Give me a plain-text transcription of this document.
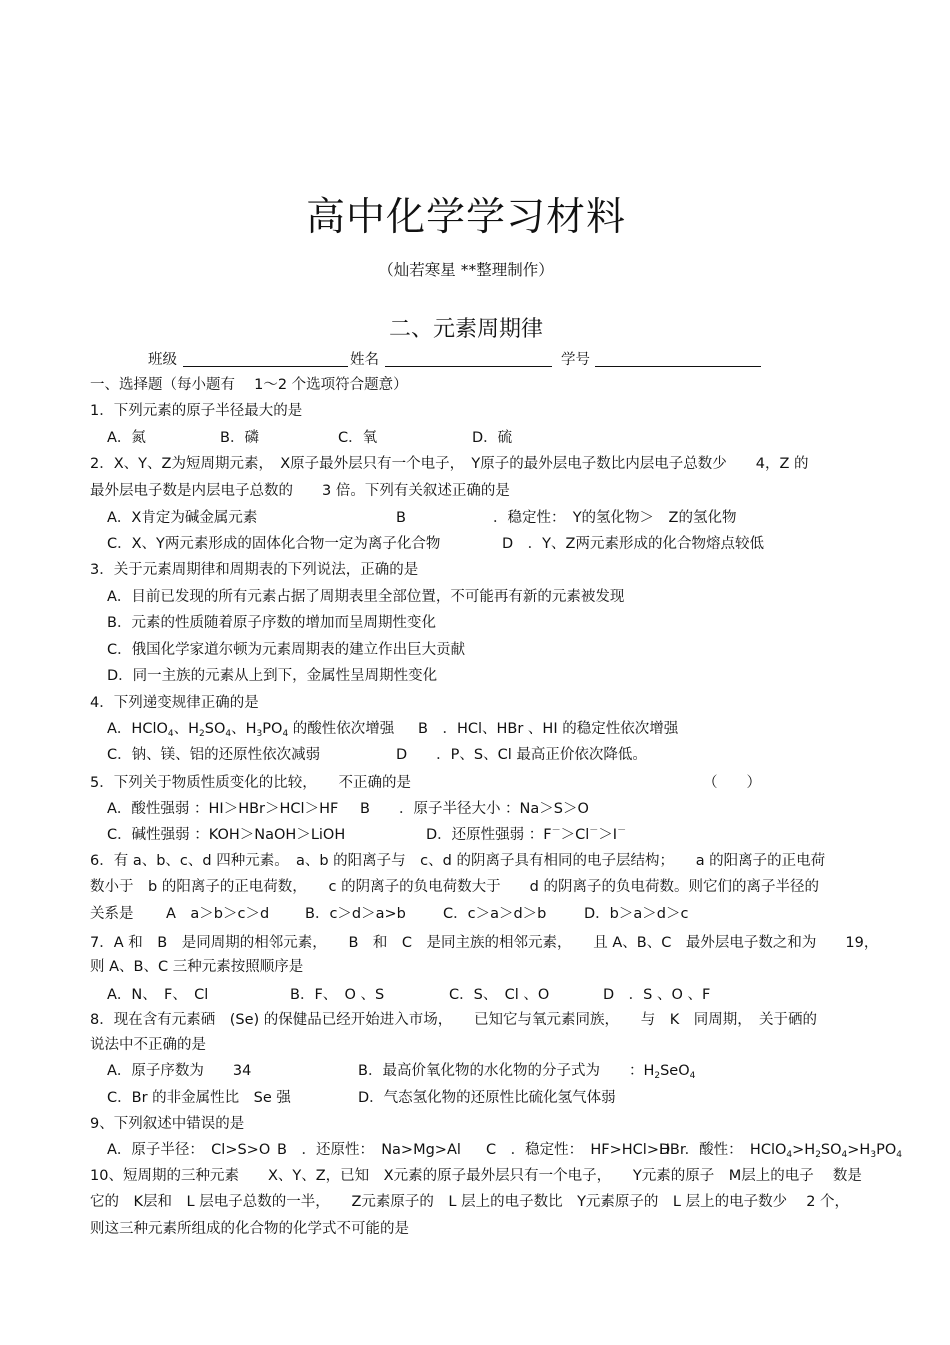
高中化学学习材料
（灿若寒星 **整理制作）
二、元素周期律
班级	姓名	学号
一、选择题（每小题有　 1～2 个选项符合题意）
1．下列元素的原子半径最大的是
A．氮	B．磷	C．氧	D．硫
2．X、Y、Z为短周期元素，　X原子最外层只有一个电子，　Y原子的最外层电子数比内层电子总数少　　4，Z 的
最外层电子数是内层电子总数的　　3 倍。下列有关叙述正确的是
A．X肯定为碱金属元素	B　　　　　　．稳定性：　Y的氢化物＞　Z的氢化物
C．X、Y两元素形成的固体化合物一定为离子化合物	D　．Y、Z两元素形成的化合物熔点较低
3．关于元素周期律和周期表的下列说法，正确的是
A．目前已发现的所有元素占据了周期表里全部位置，不可能再有新的元素被发现
B．元素的性质随着原子序数的增加而呈周期性变化
C．俄国化学家道尔顿为元素周期表的建立作出巨大贡献
D．同一主族的元素从上到下，金属性呈周期性变化
4．下列递变规律正确的是
A．HClO$_4$、$H_2SO_4$、$H_3PO_4$ 的酸性依次增强 B　．HCl、HBr 、HI 的稳定性依次增强
C．钠、镁、铝的还原性依次减弱	D　　．P、S、Cl 最高正价依次降低。
5．下列关于物质性质变化的比较，　　不正确的是	（　　）
A．酸性强弱 ：HI＞HBr＞HCl＞HF B　　．原子半径大小 ：Na＞S＞O
C．碱性强弱 ：KOH＞NaOH＞LiOH	D．还原性强弱 ：F－＞Cl－＞I－
6．有 a、b、c、d 四种元素。　a、b 的阳离子与　c、d 的阴离子具有相同的电子层结构；　　a 的阳离子的正电荷
数小于　b 的阳离子的正电荷数，　　c 的阴离子的负电荷数大于　　d 的阴离子的负电荷数。则它们的离子半径的
关系是 A　a＞b＞c＞d B．c＞d＞a>b	C．c＞a＞d＞b	D．b＞a＞d＞c
7．A 和　B　是同周期的相邻元素，　　B　和　C　是同主族的相邻元素，　　且 A、B、C　最外层电子数之和为　　19，
则 A、B、C 三种元素按照顺序是
A．N、　F、　Cl	B．F、　O 、S	C．S、　Cl 、O	D　．S 、O 、F
8．现在含有元素硒　(Se) 的保健品已经开始进入市场，　　已知它与氧元素同族，　　与　K　同周期，　关于硒的
说法中不正确的是
A．原子序数为　　34	B．最高价氧化物的水化物的分子式为　　：$H_2SeO_4$
C．Br 的非金属性比　Se 强	D．气态氢化物的还原性比硫化氢气体弱
9、下列叙述中错误的是
A．原子半径：　Cl>S>O B　．还原性：　Na>Mg>Al C　．稳定性：　HF>HCl>HBr
D　．酸性：　$HClO_4>H_2SO_4>H_3PO_4$
10、短周期的三种元素　　X、Y、Z，已知　X元素的原子最外层只有一个电子，　　Y元素的原子　M层上的电子　 数是
它的　K层和　L 层电子总数的一半，　　Z元素原子的　L 层上的电子数比　Y元素原子的　L 层上的电子数少　 2 个，
则这三种元素所组成的化合物的化学式不可能的是
